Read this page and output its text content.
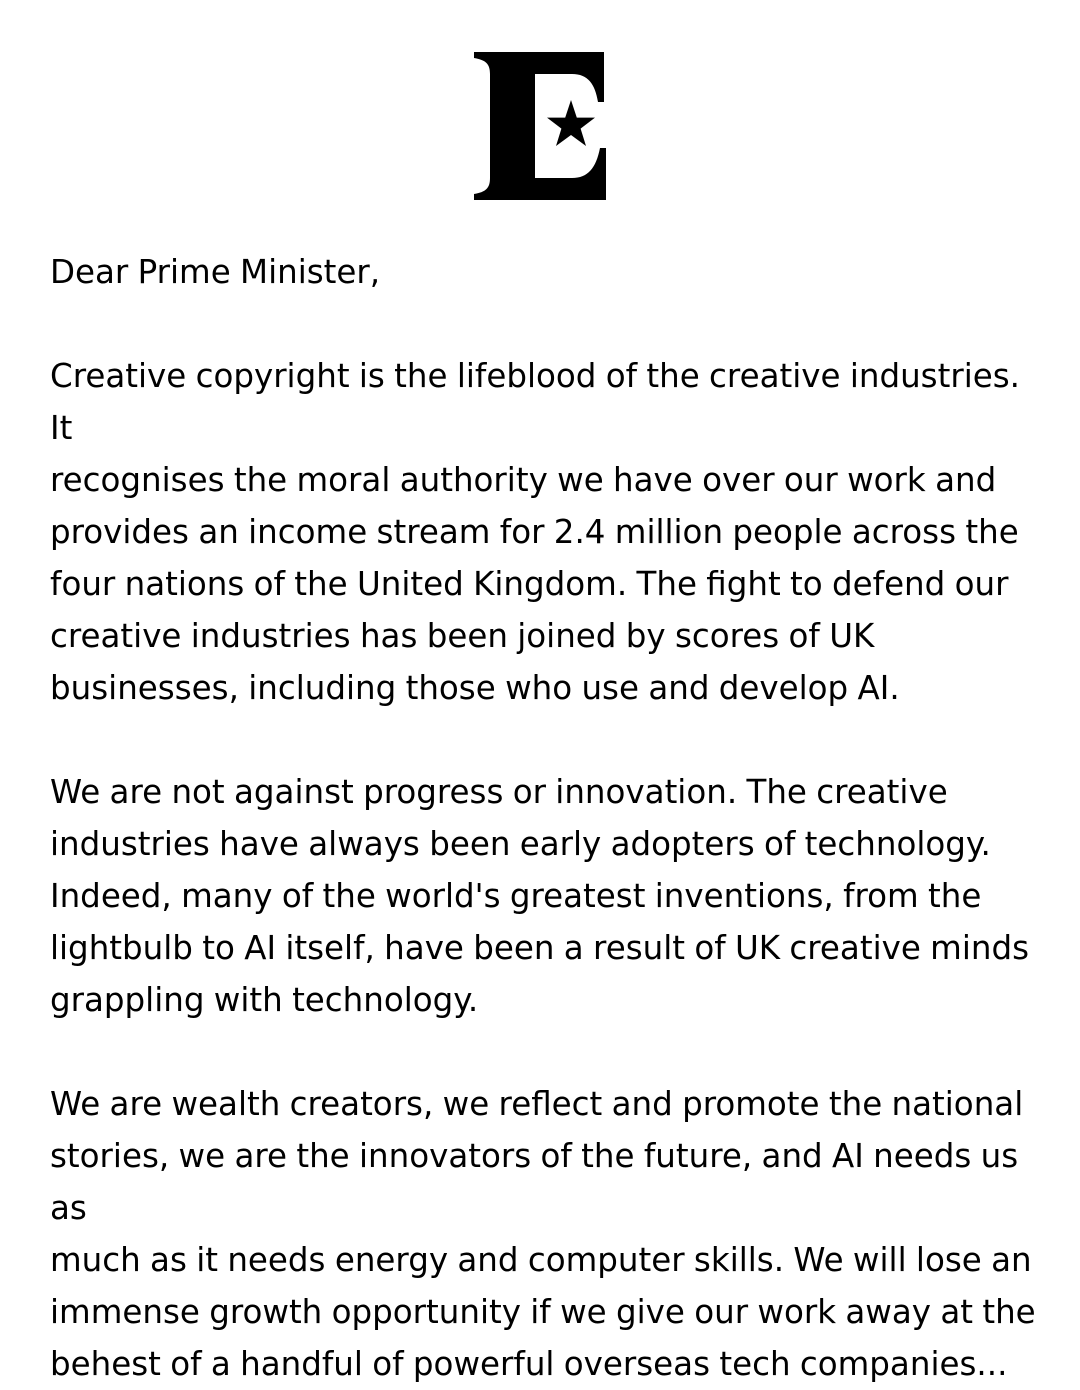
Dear Prime Minister,

Creative copyright is the lifeblood of the creative industries. It
recognises the moral authority we have over our work and
provides an income stream for 2.4 million people across the
four nations of the United Kingdom. The fight to defend our
creative industries has been joined by scores of UK
businesses, including those who use and develop AI.

We are not against progress or innovation. The creative
industries have always been early adopters of technology.
Indeed, many of the world's greatest inventions, from the
lightbulb to AI itself, have been a result of UK creative minds
grappling with technology.

We are wealth creators, we reflect and promote the national
stories, we are the innovators of the future, and AI needs us as
much as it needs energy and computer skills. We will lose an
immense growth opportunity if we give our work away at the
behest of a handful of powerful overseas tech companies...
